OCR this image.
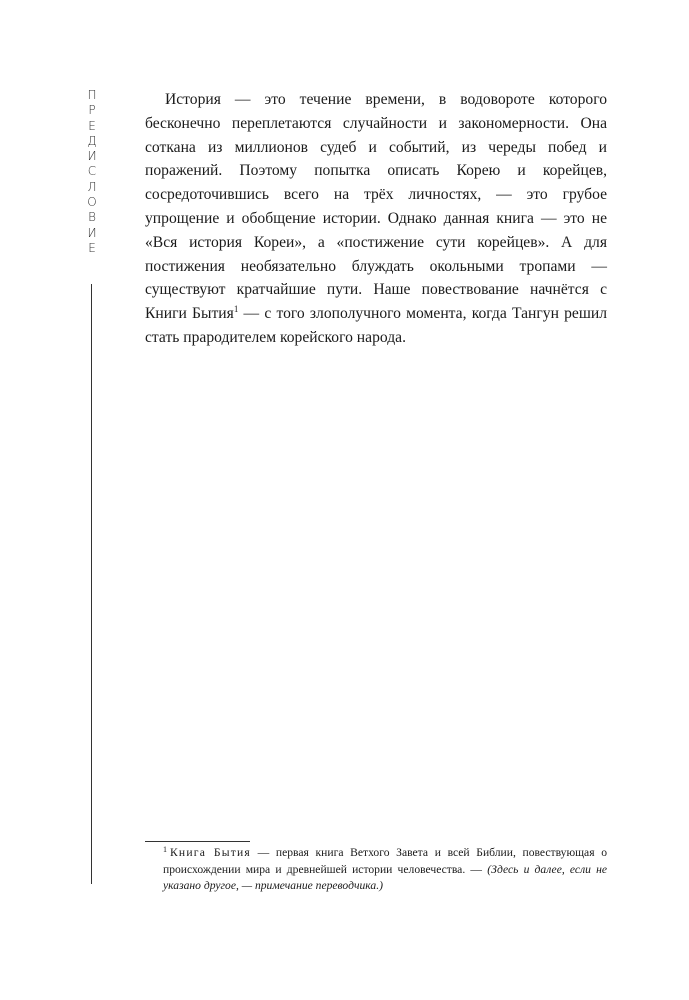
П
Р
Е
Д
И
С
Л
О
В
И
Е

История — это течение времени, в водовороте которого бесконечно переплетаются случайности и закономерности. Она соткана из миллионов судеб и событий, из череды побед и поражений. Поэтому попытка описать Корею и корейцев, сосредоточившись всего на трёх личностях, — это грубое упрощение и обобщение истории. Однако данная книга — это не «Вся история Кореи», а «постижение сути корейцев». А для постижения необязательно блуждать окольными тропами — существуют кратчайшие пути. Наше повествование начнётся с Книги Бытия$^1$ — с того злополучного момента, когда Тангун решил стать прародителем корейского народа.

$^1$ Книга Бытия — первая книга Ветхого Завета и всей Библии, повествующая о происхождении мира и древнейшей истории человечества. — (Здесь и далее, если не указано другое, — примечание переводчика.)
